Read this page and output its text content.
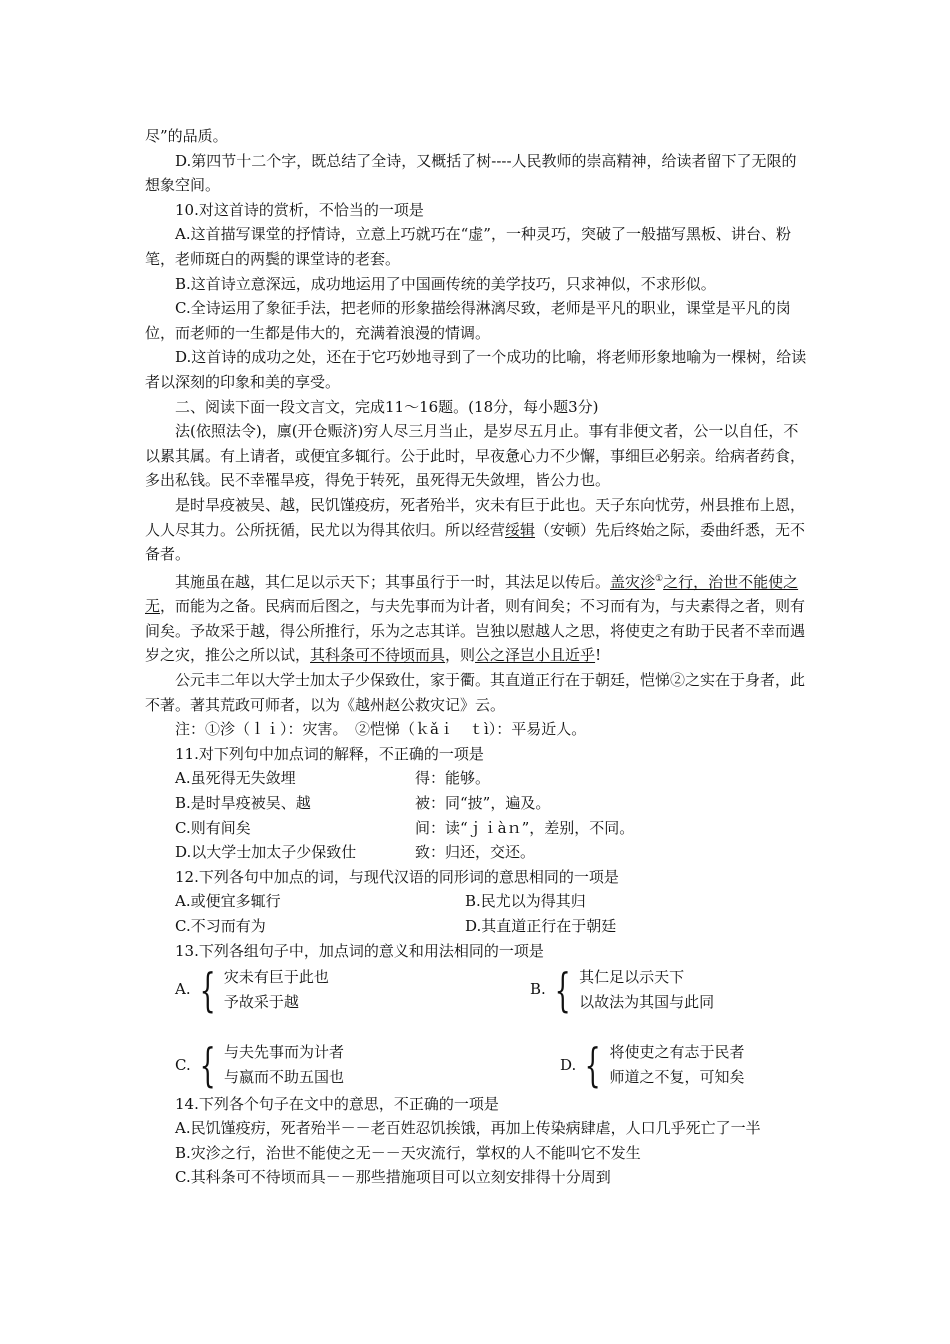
尽”的品质。

D.第四节十二个字，既总结了全诗，又概括了树----人民教师的崇高精神，给读者留下了无限的想象空间。

10.对这首诗的赏析，不恰当的一项是

A.这首描写课堂的抒情诗，立意上巧就巧在“虚”，一种灵巧，突破了一般描写黑板、讲台、粉笔，老师斑白的两鬓的课堂诗的老套。

B.这首诗立意深远，成功地运用了中国画传统的美学技巧，只求神似，不求形似。

C.全诗运用了象征手法，把老师的形象描绘得淋漓尽致，老师是平凡的职业，课堂是平凡的岗位，而老师的一生都是伟大的，充满着浪漫的情调。

D.这首诗的成功之处，还在于它巧妙地寻到了一个成功的比喻，将老师形象地喻为一棵树，给读者以深刻的印象和美的享受。

二、阅读下面一段文言文，完成11～16题。(18分，每小题3分)

法(依照法令)，廪(开仓赈济)穷人尽三月当止，是岁尽五月止。事有非便文者，公一以自任，不以累其属。有上请者，或便宜多辄行。公于此时，早夜惫心力不少懈，事细巨必躬亲。给病者药食，多出私钱。民不幸罹旱疫，得免于转死，虽死得无失敛埋，皆公力也。

是时旱疫被吴、越，民饥馑疫疠，死者殆半，灾未有巨于此也。天子东向忧劳，州县推布上恩，人人尽其力。公所抚循，民尤以为得其依归。所以经营绥辑（安顿）先后终始之际，委曲纤悉，无不备者。

其施虽在越，其仁足以示天下；其事虽行于一时，其法足以传后。盖灾沴①之行，治世不能使之无，而能为之备。民病而后图之，与夫先事而为计者，则有间矣；不习而有为，与夫素得之者，则有间矣。予故采于越，得公所推行，乐为之志其详。岂独以慰越人之思，将使吏之有助于民者不幸而遇岁之灾，推公之所以试，其科条可不待顷而具，则公之泽岂小且近乎!

公元丰二年以大学士加太子少保致仕，家于衢。其直道正行在于朝廷，恺悌②之实在于身者，此不著。著其荒政可师者，以为《越州赵公救灾记》云。

注：①沴（ｌｉ）：灾害。　②恺悌（ｋǎｉ　ｔì）：平易近人。

11.对下列句中加点词的解释，不正确的一项是

A.虽死得无失敛埋	得：能够。
B.是时旱疫被吴、越	被：同“披”，遍及。
C.则有间矣	间：读“ｊｉàｎ”，差别，不同。
D.以大学士加太子少保致仕	致：归还，交还。

12.下列各句中加点的词，与现代汉语的同形词的意思相同的一项是

A.或便宜多辄行	B.民尤以为得其归
C.不习而有为	D.其直道正行在于朝廷

13.下列各组句子中，加点词的意义和用法相同的一项是

A. { 灾未有巨于此也
予故采于越
B. { 其仁足以示天下
以故法为其国与此同
C. { 与夫先事而为计者
与嬴而不助五国也
D. { 将使吏之有志于民者
师道之不复，可知矣

14.下列各个句子在文中的意思，不正确的一项是

A.民饥馑疫疠，死者殆半－－老百姓忍饥挨饿，再加上传染病肆虐，人口几乎死亡了一半

B.灾沴之行，治世不能使之无－－天灾流行，掌权的人不能叫它不发生

C.其科条可不待顷而具－－那些措施项目可以立刻安排得十分周到
